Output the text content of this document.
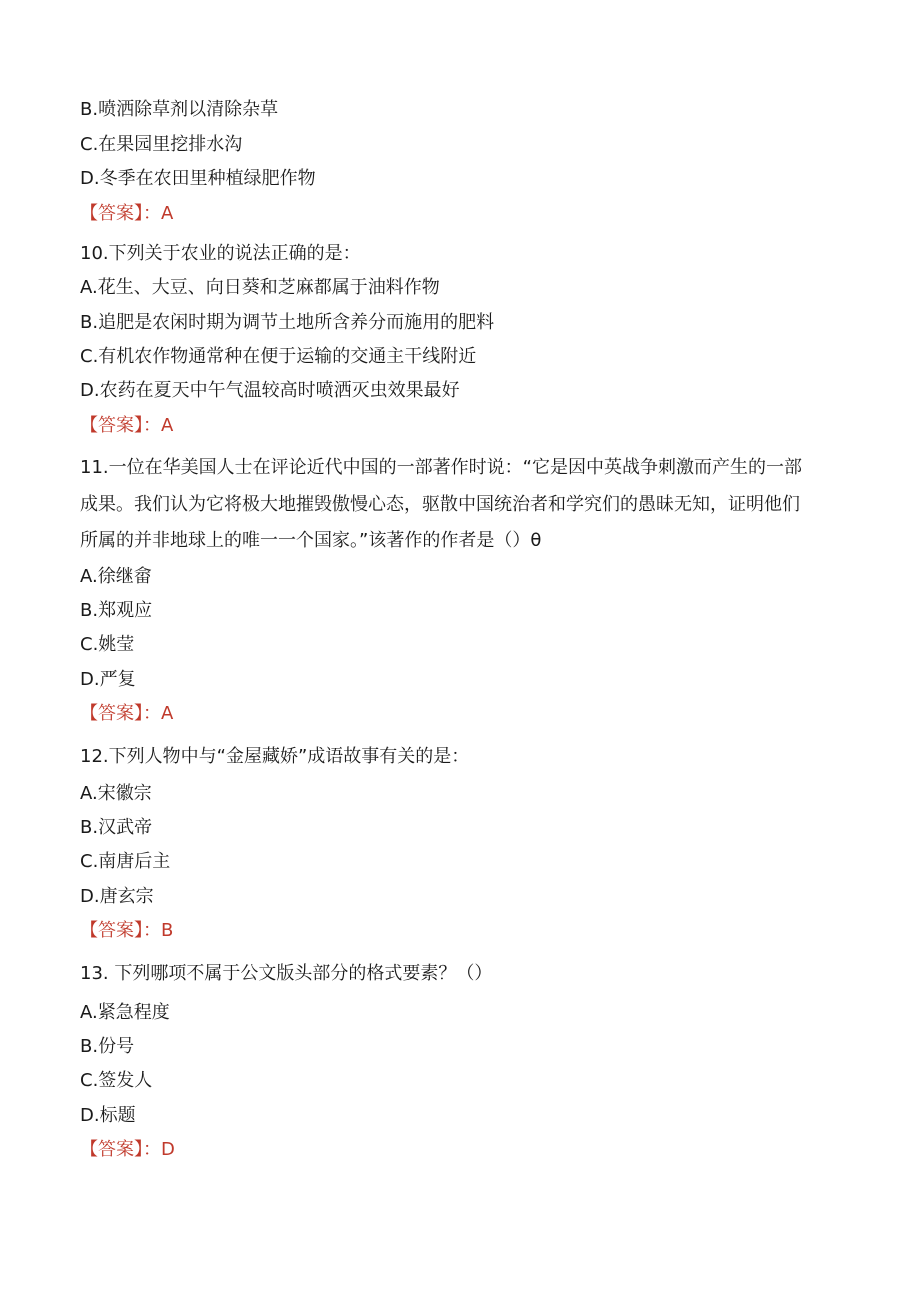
B.喷洒除草剂以清除杂草
C.在果园里挖排水沟
D.冬季在农田里种植绿肥作物
【答案】：A
10.下列关于农业的说法正确的是：
A.花生、大豆、向日葵和芝麻都属于油料作物
B.追肥是农闲时期为调节土地所含养分而施用的肥料
C.有机农作物通常种在便于运输的交通主干线附近
D.农药在夏天中午气温较高时喷洒灭虫效果最好
【答案】：A
11.一位在华美国人士在评论近代中国的一部著作时说：“它是因中英战争刺激而产生的一部
成果。我们认为它将极大地摧毁傲慢心态，驱散中国统治者和学究们的愚昧无知，证明他们
所属的并非地球上的唯一一个国家。”该著作的作者是（）θ
A.徐继畲
B.郑观应
C.姚莹
D.严复
【答案】：A
12.下列人物中与“金屋藏娇”成语故事有关的是：
A.宋徽宗
B.汉武帝
C.南唐后主
D.唐玄宗
【答案】：B
13. 下列哪项不属于公文版头部分的格式要素？（）
A.紧急程度
B.份号
C.签发人
D.标题
【答案】：D
